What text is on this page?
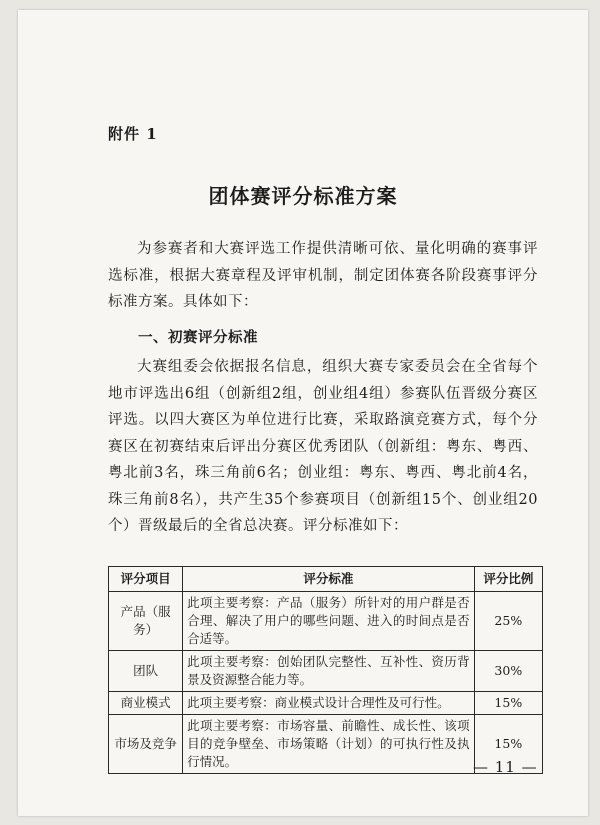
附件 1
团体赛评分标准方案
为参赛者和大赛评选工作提供清晰可依、量化明确的赛事评选标准，根据大赛章程及评审机制，制定团体赛各阶段赛事评分标准方案。具体如下：
一、初赛评分标准
大赛组委会依据报名信息，组织大赛专家委员会在全省每个地市评选出6组（创新组2组，创业组4组）参赛队伍晋级分赛区评选。以四大赛区为单位进行比赛，采取路演竞赛方式，每个分赛区在初赛结束后评出分赛区优秀团队（创新组：粤东、粤西、粤北前3名，珠三角前6名；创业组：粤东、粤西、粤北前4名，珠三角前8名），共产生35个参赛项目（创新组15个、创业组20个）晋级最后的全省总决赛。评分标准如下：
评分项目	评分标准	评分比例
产品（服务）	此项主要考察：产品（服务）所针对的用户群是否合理、解决了用户的哪些问题、进入的时间点是否合适等。	25%
团队	此项主要考察：创始团队完整性、互补性、资历背景及资源整合能力等。	30%
商业模式	此项主要考察：商业模式设计合理性及可行性。	15%
市场及竞争	此项主要考察：市场容量、前瞻性、成长性、该项目的竞争壁垒、市场策略（计划）的可执行性及执行情况。	15%
— 11 —
